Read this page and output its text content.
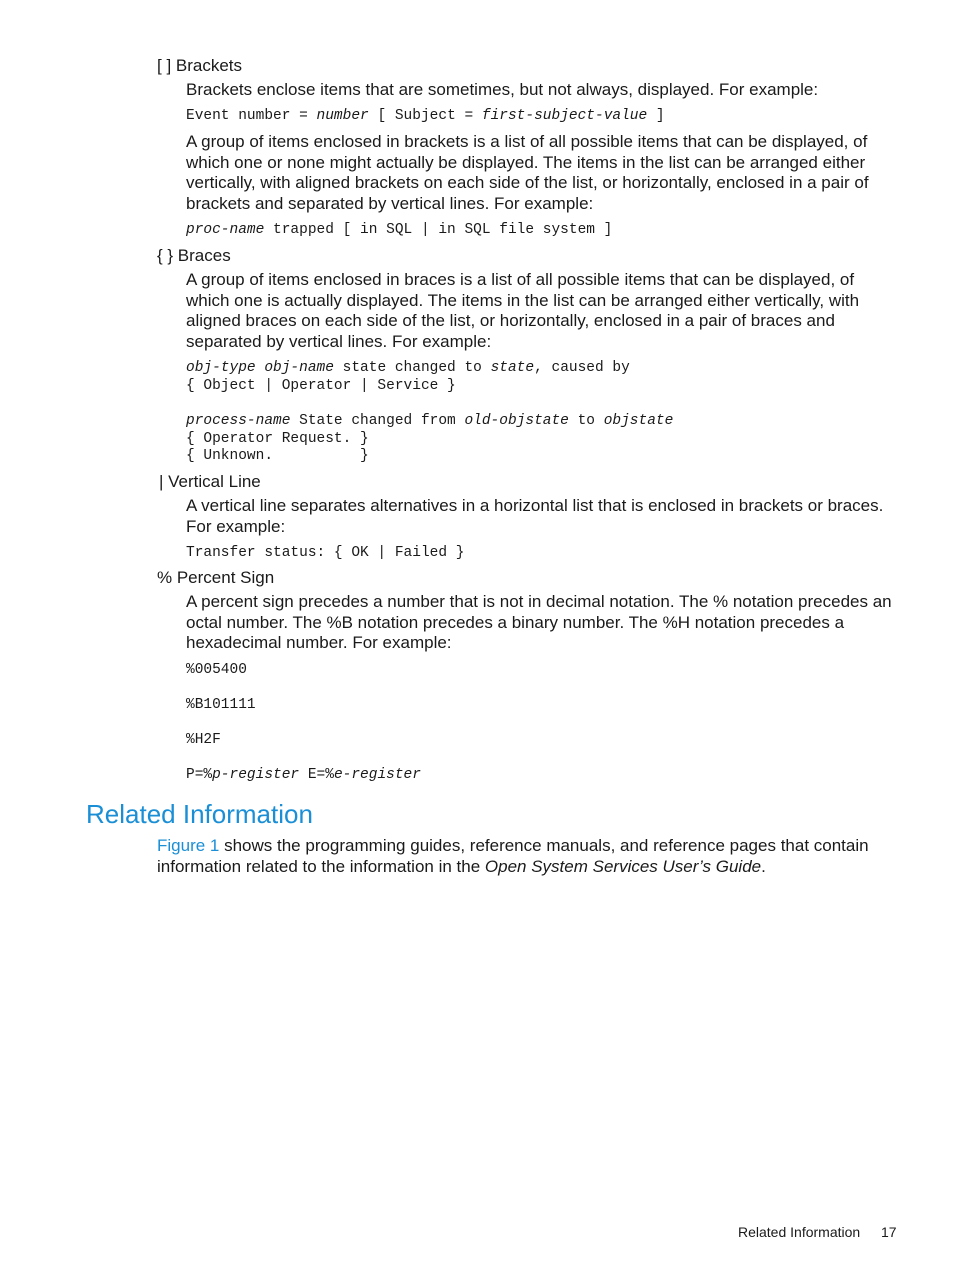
[ ] Brackets
Brackets enclose items that are sometimes, but not always, displayed. For example:
Event number = number [ Subject = first-subject-value ]
A group of items enclosed in brackets is a list of all possible items that can be displayed, of which one or none might actually be displayed. The items in the list can be arranged either vertically, with aligned brackets on each side of the list, or horizontally, enclosed in a pair of brackets and separated by vertical lines. For example:
proc-name trapped [ in SQL | in SQL file system ]
{ } Braces
A group of items enclosed in braces is a list of all possible items that can be displayed, of which one is actually displayed. The items in the list can be arranged either vertically, with aligned braces on each side of the list, or horizontally, enclosed in a pair of braces and separated by vertical lines. For example:
obj-type obj-name state changed to state, caused by
{ Object | Operator | Service }
process-name State changed from old-objstate to objstate
{ Operator Request. }
{ Unknown.          }
| Vertical Line
A vertical line separates alternatives in a horizontal list that is enclosed in brackets or braces. For example:
Transfer status: { OK | Failed }
% Percent Sign
A percent sign precedes a number that is not in decimal notation. The % notation precedes an octal number. The %B notation precedes a binary number. The %H notation precedes a hexadecimal number. For example:
%005400
%B101111
%H2F
P=%p-register E=%e-register
Related Information
Figure 1 shows the programming guides, reference manuals, and reference pages that contain information related to the information in the Open System Services User’s Guide.
Related Information 17
